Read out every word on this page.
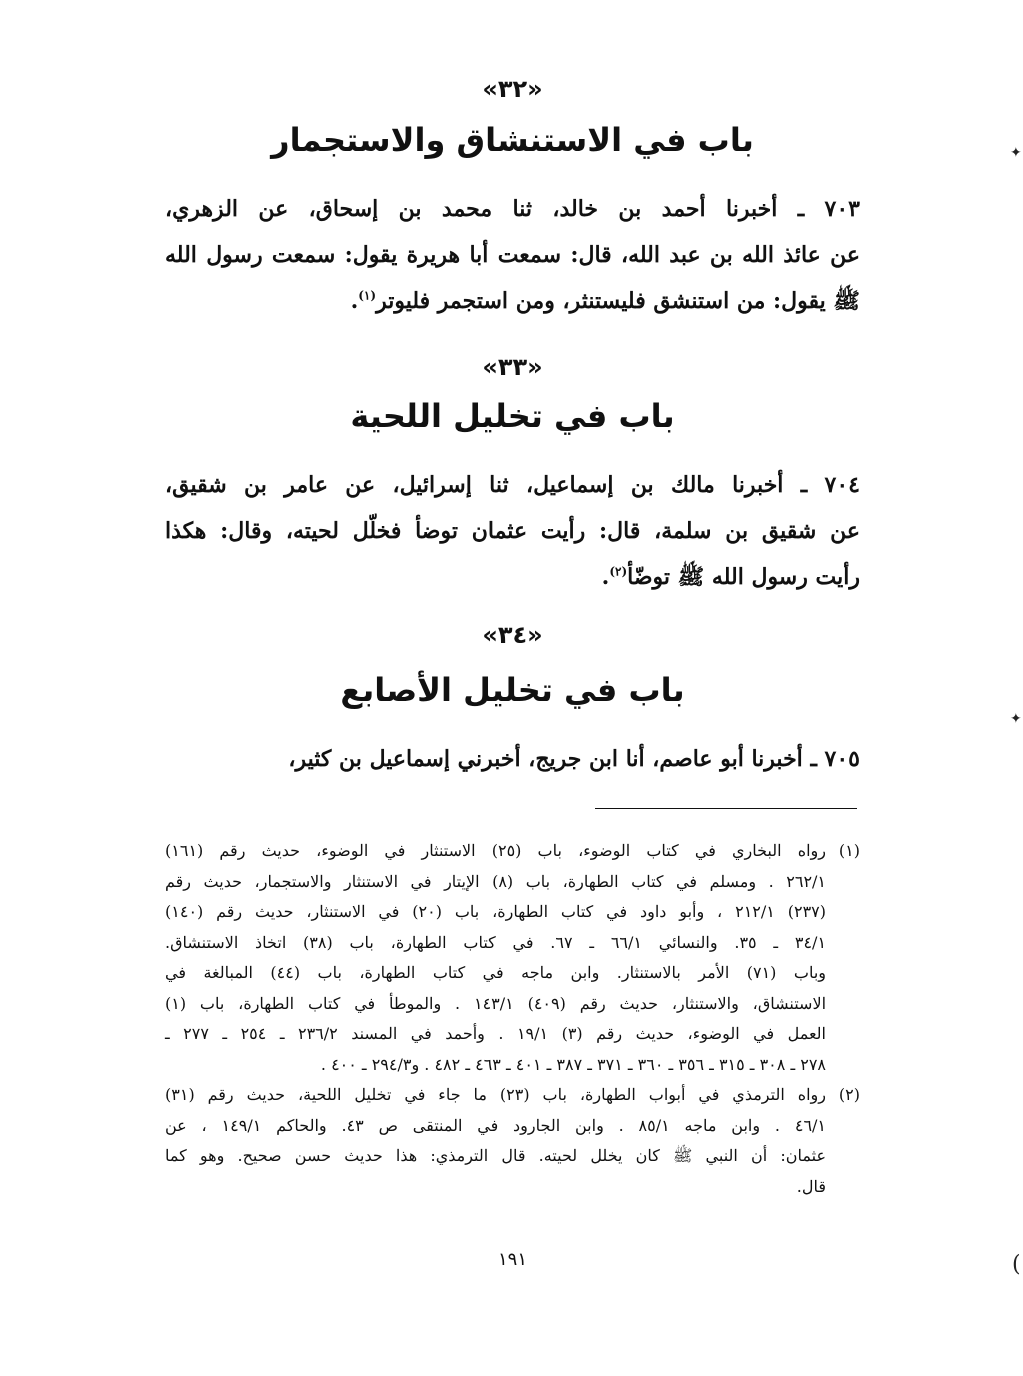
«٣٢»
باب في الاستنشاق والاستجمار
٧٠٣ ـ أخبرنا أحمد بن خالد، ثنا محمد بن إسحاق، عن الزهري،
عن عائذ الله بن عبد الله، قال: سمعت أبا هريرة يقول: سمعت رسول الله
ﷺ يقول: من استنشق فليستنثر، ومن استجمر فليوتر$^{(١)}$.
«٣٣»
باب في تخليل اللحية
٧٠٤ ـ أخبرنا مالك بن إسماعيل، ثنا إسرائيل، عن عامر بن شقيق،
عن شقيق بن سلمة، قال: رأيت عثمان توضأ فخلّل لحيته، وقال: هكذا
رأيت رسول الله ﷺ توضّأ$^{(٢)}$.
«٣٤»
باب في تخليل الأصابع
٧٠٥ ـ أخبرنا أبو عاصم، أنا ابن جريج، أخبرني إسماعيل بن كثير،
(١)
رواه البخاري في كتاب الوضوء، باب (٢٥) الاستنثار في الوضوء، حديث رقم (١٦١)
٢٦٢/١ . ومسلم في كتاب الطهارة، باب (٨) الإيتار في الاستنثار والاستجمار، حديث رقم
(٢٣٧) ٢١٢/١ ، وأبو داود في كتاب الطهارة، باب (٢٠) في الاستنثار، حديث رقم (١٤٠)
٣٤/١ ـ ٣٥. والنسائي ٦٦/١ ـ ٦٧. في كتاب الطهارة، باب (٣٨) اتخاذ الاستنشاق.
وباب (٧١) الأمر بالاستنثار. وابن ماجه في كتاب الطهارة، باب (٤٤) المبالغة في
الاستنشاق، والاستنثار، حديث رقم (٤٠٩) ١٤٣/١ . والموطأ في كتاب الطهارة، باب (١)
العمل في الوضوء، حديث رقم (٣) ١٩/١ . وأحمد في المسند ٢٣٦/٢ ـ ٢٥٤ ـ ٢٧٧ ـ
٢٧٨ ـ ٣٠٨ ـ ٣١٥ ـ ٣٥٦ ـ ٣٦٠ ـ ٣٧١ ـ ٣٨٧ ـ ٤٠١ ـ ٤٦٣ ـ ٤٨٢ . و٢٩٤/٣ ـ ٤٠٠ .
(٢)
رواه الترمذي في أبواب الطهارة، باب (٢٣) ما جاء في تخليل اللحية، حديث رقم (٣١)
٤٦/١ . وابن ماجه ٨٥/١ . وابن الجارود في المنتقى ص ٤٣. والحاكم ١٤٩/١ ، عن
عثمان: أن النبي ﷺ كان يخلل لحيته. قال الترمذي: هذا حديث حسن صحيح. وهو كما
قال.
١٩١
✦
✦
)
